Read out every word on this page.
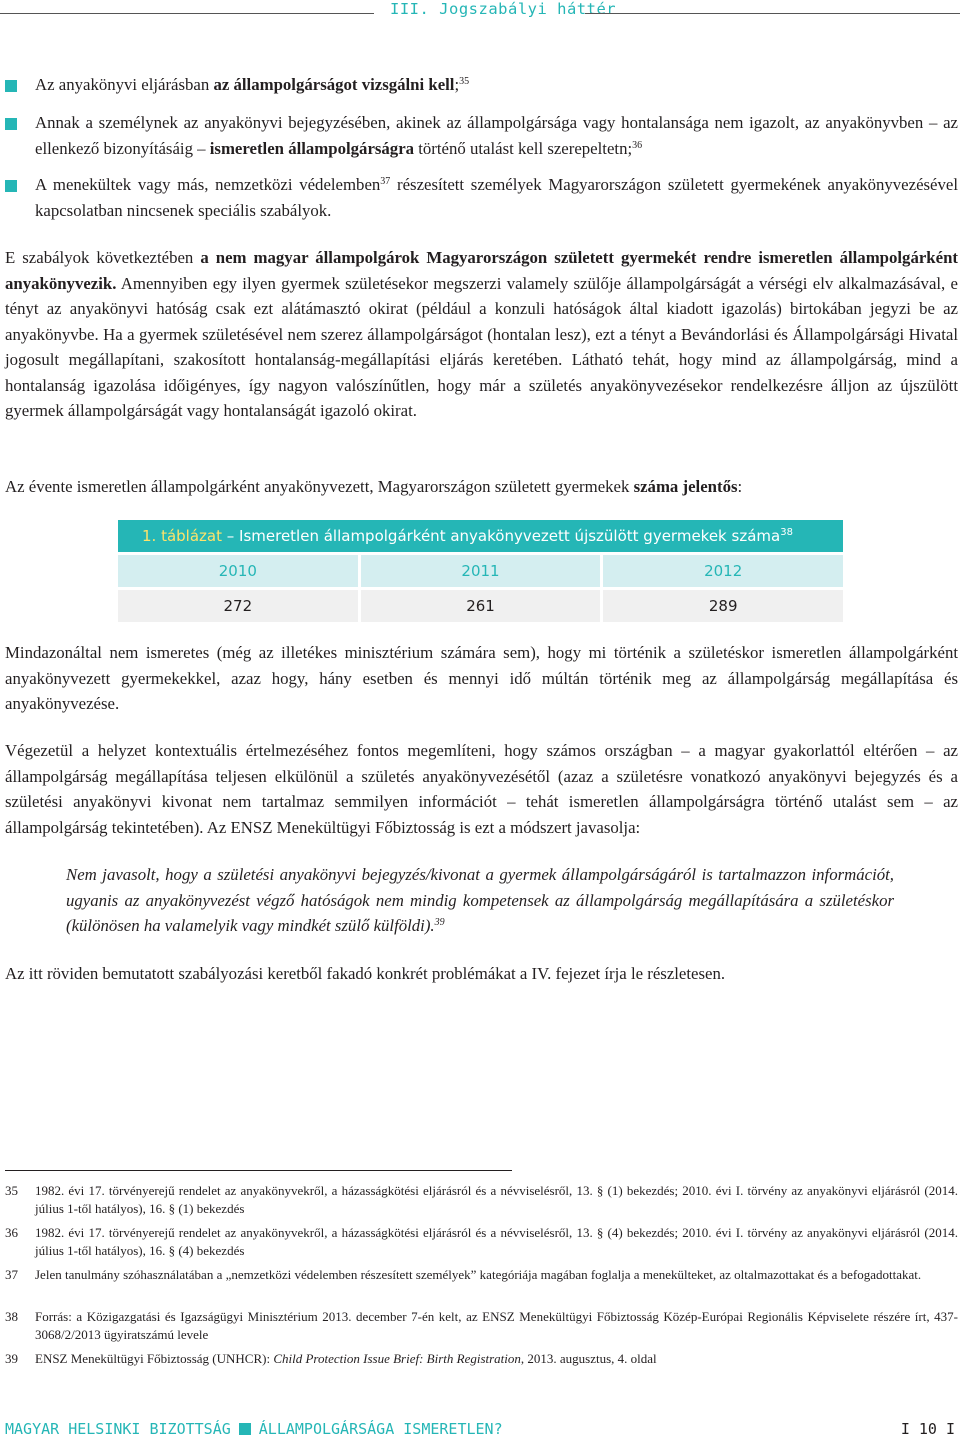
III. Jogszabályi háttér
Az anyakönyvi eljárásban az állampolgárságot vizsgálni kell;$^{35}$
Annak a személynek az anyakönyvi bejegyzésében, akinek az állampolgársága vagy hontalansága nem igazolt, az anyakönyvben – az ellenkező bizonyításáig – ismeretlen állampolgárságra történő utalást kell szerepeltetn;$^{36}$
A menekültek vagy más, nemzetközi védelemben$^{37}$ részesített személyek Magyarországon született gyermekének anyakönyvezésével kapcsolatban nincsenek speciális szabályok.
E szabályok következtében a nem magyar állampolgárok Magyarországon született gyermekét rendre ismeretlen állampolgárként anyakönyvezik. Amennyiben egy ilyen gyermek születésekor megszerzi valamely szülője állampolgárságát a vérségi elv alkalmazásával, e tényt az anyakönyvi hatóság csak ezt alátámasztó okirat (például a konzuli hatóságok által kiadott igazolás) birtokában jegyzi be az anyakönyvbe. Ha a gyermek születésével nem szerez állampolgárságot (hontalan lesz), ezt a tényt a Bevándorlási és Állampolgársági Hivatal jogosult megállapítani, szakosított hontalanság-megállapítási eljárás keretében. Látható tehát, hogy mind az állampolgárság, mind a hontalanság igazolása időigényes, így nagyon valószínűtlen, hogy már a születés anyakönyvezésekor rendelkezésre álljon az újszülött gyermek állampolgárságát vagy hontalanságát igazoló okirat.
Az évente ismeretlen állampolgárként anyakönyvezett, Magyarországon született gyermekek száma jelentős:
1. táblázat – Ismeretlen állampolgárként anyakönyvezett újszülött gyermekek száma$^{38}$
2010	2011	2012
272	261	289
Mindazonáltal nem ismeretes (még az illetékes minisztérium számára sem), hogy mi történik a születéskor ismeretlen állampolgárként anyakönyvezett gyermekekkel, azaz hogy, hány esetben és mennyi idő múltán történik meg az állampolgárság megállapítása és anyakönyvezése.
Végezetül a helyzet kontextuális értelmezéséhez fontos megemlíteni, hogy számos országban – a magyar gyakorlattól eltérően – az állampolgárság megállapítása teljesen elkülönül a születés anyakönyvezésétől (azaz a születésre vonatkozó anyakönyvi bejegyzés és a születési anyakönyvi kivonat nem tartalmaz semmilyen információt – tehát ismeretlen állampolgárságra történő utalást sem – az állampolgárság tekintetében). Az ENSZ Menekültügyi Főbiztosság is ezt a módszert javasolja:
Nem javasolt, hogy a születési anyakönyvi bejegyzés/kivonat a gyermek állampolgárságáról is tartalmazzon információt, ugyanis az anyakönyvezést végző hatóságok nem mindig kompetensek az állampolgárság megállapítására a születéskor (különösen ha valamelyik vagy mindkét szülő külföldi).$^{39}$
Az itt röviden bemutatott szabályozási keretből fakadó konkrét problémákat a IV. fejezet írja le részletesen.
35 1982. évi 17. törvényerejű rendelet az anyakönyvekről, a házasságkötési eljárásról és a névviselésről, 13. § (1) bekezdés; 2010. évi I. törvény az anyakönyvi eljárásról (2014. július 1-től hatályos), 16. § (1) bekezdés
36 1982. évi 17. törvényerejű rendelet az anyakönyvekről, a házasságkötési eljárásról és a névviselésről, 13. § (4) bekezdés; 2010. évi I. törvény az anyakönyvi eljárásról (2014. július 1-től hatályos), 16. § (4) bekezdés
37 Jelen tanulmány szóhasználatában a „nemzetközi védelemben részesített személyek” kategóriája magában foglalja a menekülteket, az oltalmazottakat és a befogadottakat.
38 Forrás: a Közigazgatási és Igazságügyi Minisztérium 2013. december 7-én kelt, az ENSZ Menekültügyi Főbiztosság Közép-Európai Regionális Képviselete részére írt, 437-3068/2/2013 ügyiratszámú levele
39 ENSZ Menekültügyi Főbiztosság (UNHCR): Child Protection Issue Brief: Birth Registration, 2013. augusztus, 4. oldal
MAGYAR HELSINKI BIZOTTSÁG ÁLLAMPOLGÁRSÁGA ISMERETLEN?	I 10 I
